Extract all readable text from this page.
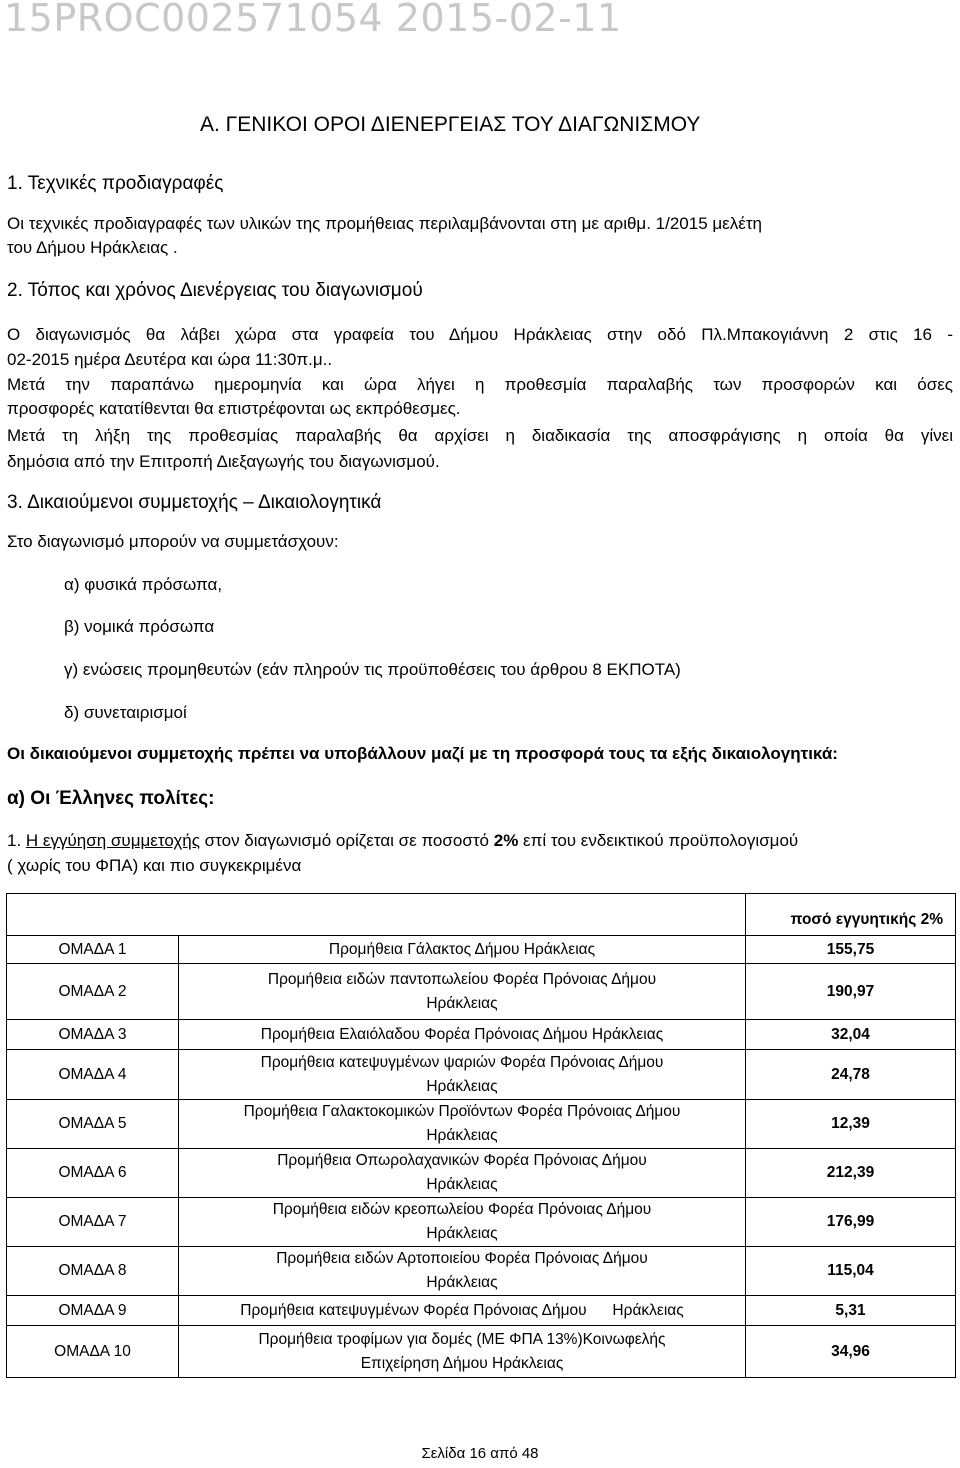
15PROC002571054 2015-02-11
Α. ΓΕΝΙΚΟΙ ΟΡΟΙ ΔΙΕΝΕΡΓΕΙΑΣ ΤΟΥ ΔΙΑΓΩΝΙΣΜΟΥ
1. Τεχνικές προδιαγραφές
Οι τεχνικές προδιαγραφές των υλικών της προμήθειας περιλαμβάνονται στη με αριθμ. 1/2015 μελέτη
του Δήμου Ηράκλειας .
2. Τόπος και χρόνος Διενέργειας του διαγωνισμού
Ο διαγωνισμός θα λάβει χώρα στα γραφεία του Δήμου Ηράκλειας στην οδό Πλ.Μπακογιάννη 2 στις 16 -
02-2015 ημέρα Δευτέρα και ώρα 11:30π.μ..
Μετά την παραπάνω ημερομηνία και ώρα λήγει η προθεσμία παραλαβής των προσφορών και όσες
προσφορές κατατίθενται θα επιστρέφονται ως εκπρόθεσμες.
Μετά τη λήξη της προθεσμίας παραλαβής θα αρχίσει η διαδικασία της αποσφράγισης η οποία θα γίνει
δημόσια από την Επιτροπή Διεξαγωγής του διαγωνισμού.
3. Δικαιούμενοι συμμετοχής – Δικαιολογητικά
Στο διαγωνισμό μπορούν να συμμετάσχουν:
α) φυσικά πρόσωπα,
β) νομικά πρόσωπα
γ) ενώσεις προμηθευτών (εάν πληρούν τις προϋποθέσεις του άρθρου 8 ΕΚΠΟΤΑ)
δ) συνεταιρισμοί
Οι δικαιούμενοι συμμετοχής πρέπει να υποβάλλουν μαζί με τη προσφορά τους τα εξής δικαιολογητικά:
α) Οι Έλληνες πολίτες:
1. Η εγγύηση συμμετοχής στον διαγωνισμό ορίζεται σε ποσοστό 2% επί του ενδεικτικού προϋπολογισμού
( χωρίς του ΦΠΑ) και πιο συγκεκριμένα
		ποσό εγγυητικής 2%
ΟΜΑΔΑ 1	Προμήθεια Γάλακτος Δήμου Ηράκλειας	155,75
ΟΜΑΔΑ 2	Προμήθεια ειδών παντοπωλείου Φορέα Πρόνοιας Δήμου
Ηράκλειας	190,97
ΟΜΑΔΑ 3	Προμήθεια Ελαιόλαδου Φορέα Πρόνοιας Δήμου Ηράκλειας	32,04
ΟΜΑΔΑ 4	Προμήθεια κατεψυγμένων ψαριών Φορέα Πρόνοιας Δήμου
Ηράκλειας	24,78
ΟΜΑΔΑ 5	Προμήθεια Γαλακτοκομικών Προϊόντων Φορέα Πρόνοιας Δήμου
Ηράκλειας	12,39
ΟΜΑΔΑ 6	Προμήθεια Οπωρολαχανικών Φορέα Πρόνοιας Δήμου
Ηράκλειας	212,39
ΟΜΑΔΑ 7	Προμήθεια ειδών κρεοπωλείου Φορέα Πρόνοιας Δήμου
Ηράκλειας	176,99
ΟΜΑΔΑ 8	Προμήθεια ειδών Αρτοποιείου Φορέα Πρόνοιας Δήμου
Ηράκλειας	115,04
ΟΜΑΔΑ 9	Προμήθεια κατεψυγμένων Φορέα Πρόνοιας Δήμου      Ηράκλειας	5,31
ΟΜΑΔΑ 10	Προμήθεια τροφίμων για δομές (ΜΕ ΦΠΑ 13%)Κοινωφελής
Επιχείρηση Δήμου Ηράκλειας	34,96
Σελίδα 16 από 48
